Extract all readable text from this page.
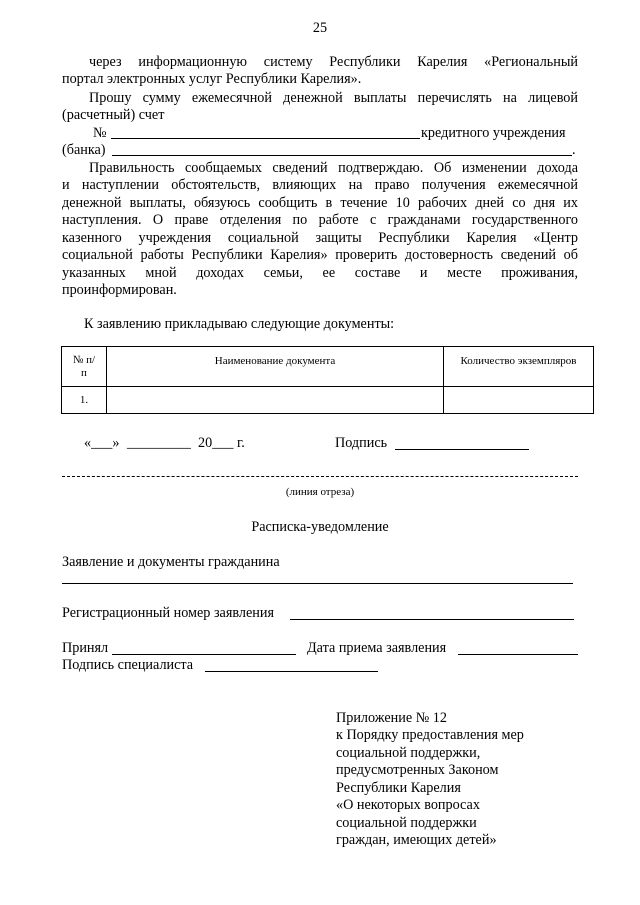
25
через информационную систему Республики Карелия «Региональный
портал электронных услуг Республики Карелия».
Прошу сумму ежемесячной денежной выплаты перечислять на лицевой
(расчетный) счет
№	кредитного учреждения
(банка)	.
Правильность сообщаемых сведений подтверждаю. Об изменении дохода
и наступлении обстоятельств, влияющих на право получения ежемесячной
денежной выплаты, обязуюсь сообщить в течение 10 рабочих дней со дня их
наступления. О праве отделения по работе с гражданами государственного
казенного учреждения социальной защиты Республики Карелия «Центр
социальной работы Республики Карелия» проверить достоверность сведений об
указанных мной доходах семьи, ее составе и месте проживания,
проинформирован.
К заявлению прикладываю следующие документы:
№ п/п	Наименование документа	Количество экземпляров
1.		
«___» _________ 20___ г.	Подпись
(линия отреза)
Расписка-уведомление
Заявление и документы гражданина
Регистрационный номер заявления
Принял	Дата приема заявления
Подпись специалиста
Приложение № 12
к Порядку предоставления мер
социальной поддержки,
предусмотренных Законом
Республики Карелия
«О некоторых вопросах
социальной поддержки
граждан, имеющих детей»
